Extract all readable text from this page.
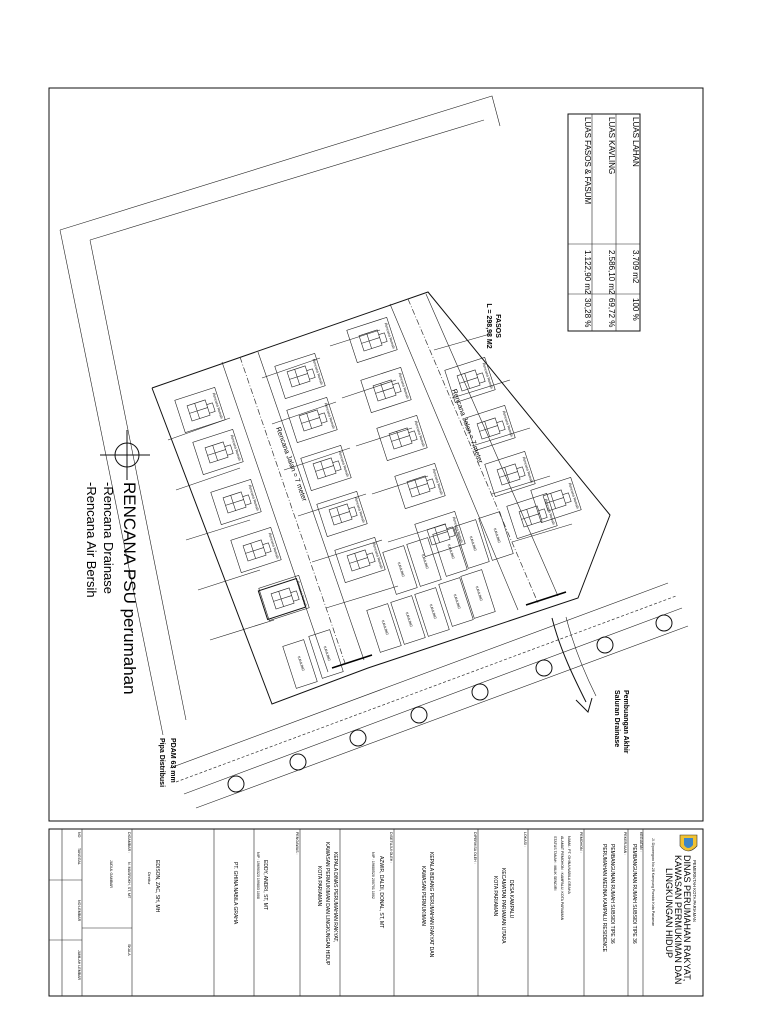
LUAS LAHAN
3.709 m2
100 %
LUAS KAVLING
2.586,10 m2
69,72 %
LUAS FASOS & FASUM
1.122,90 m2
30,28 %
Rencana Rumah
Rencana Rumah
Rencana Rumah
Rencana Rumah
Rencana Rumah
Rencana Rumah
Rencana Rumah
Rencana Rumah
Rencana Rumah
Rencana Rumah
Rencana Rumah
Rencana Rumah
Rencana Rumah
Rencana Rumah
Rencana Rumah
Rencana Rumah
Rencana Rumah
Rencana Rumah
Rencana Rumah
Rencana Rumah
KAVLING
KAVLING
KAVLING
KAVLING
KAVLING
KAVLING
KAVLING
KAVLING
KAVLING
KAVLING
KAVLING
KAVLING
FASOS
L = 298,98 M2
Rencana Jalan = 7 meter	Rencana Jalan = 7 meter
Pembuangan Akhir
Saluran Drainase
Pipa Distribusi PDAM 63 mm
RENCANA PSU perumahan
-Rencana Drainase
-Rencana Air Bersih
PEMERINTAH KOTA PARIAMAN
DINAS PERUMAHAN RAKYAT,
KAWASAN PERMUKIMAN DAN
LINGKUNGAN HIDUP
Jl. Diponegoro No.28 Kampung Pondok Kota Pariaman
KEGIATAN :
PEMBANGUNAN RUMAH SUBSIDI TIPE 36
PEKERJAAN :
PEMBANGUNAN RUMAH SUBSIDI TIPE 36
PERUMAHAN MEDINA KAMPALU RESIDENCE
PEMOHON :
NAMA : PT. GHINA NABILA GRAHA
ALAMAT PEMOHON : KAMPALU, KOTA PARIAMAN
STATUS TANAH : MILIK SENDIRI
LOKASI :
DESA KAMPALU
KECAMATAN PARIAMAN UTARA
KOTA PARIAMAN
DIPERIKSA OLEH :
KEPALA BIDANG PERUMAHAN RAKYAT DAN
KAWASAN PERMUKIMAN
DISETUJUI OLEH :
AZWIR, DALDI, DONAL, ST, MT
NIP : 19680520 200701 1002
KEPALA DINAS PERUMAHAN RAKYAT,
KAWASAN PERMUKIMAN DAN LINGKUNGAN HIDUP
KOTA PARIAMAN
PENGAWAS :
EDDY, ANDRI, ST, MT
NIP : 19690323 199803 1008
PT. GHINA NABILA GRAHA
EDISON, ZAC, SH, MH
Direktur
DIGAMBAR :
N. MASROKH, ST, MT
JUDUL GAMBAR
SKALA
NO
TANGGAL
NO LEMBAR
JUMLAH LEMBAR
